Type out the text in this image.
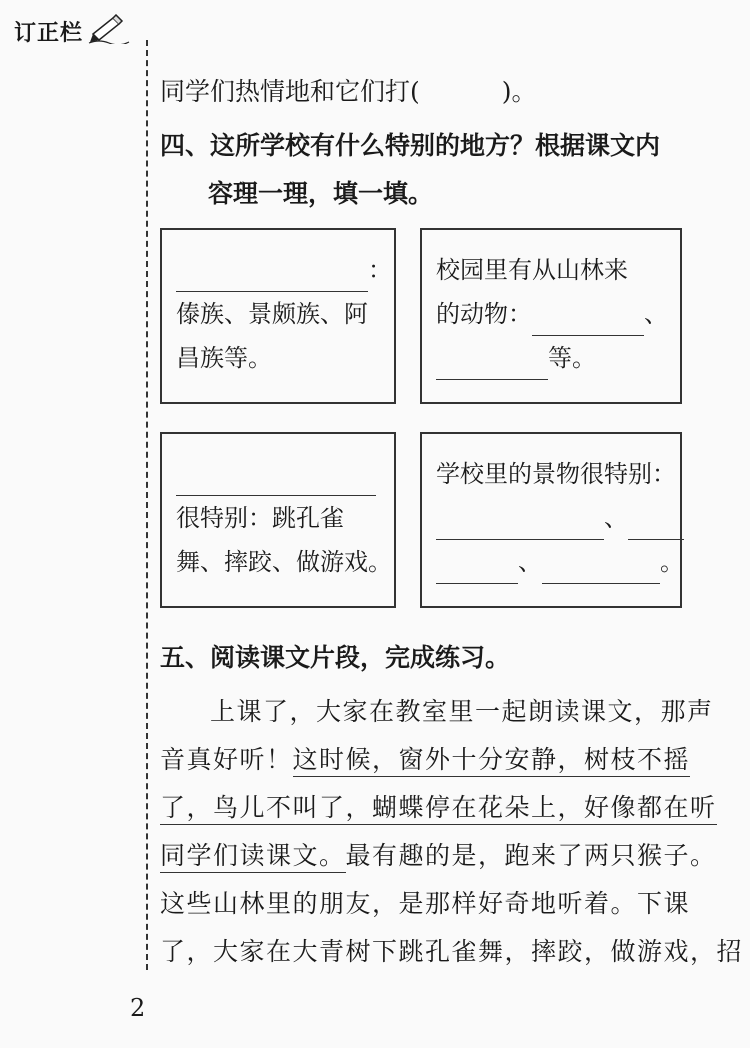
订正栏
同学们热情地和它们打(	)。
四、这所学校有什么特别的地方？根据课文内
容理一理，填一填。
：
傣族、景颇族、阿
昌族等。
校园里有从山林来
的动物：	、
等。
很特别：跳孔雀
舞、摔跤、做游戏。
学校里的景物很特别：
、
、	。
五、阅读课文片段，完成练习。
上课了，大家在教室里一起朗读课文，那声
音真好听！这时候，窗外十分安静，树枝不摇
了，鸟儿不叫了，蝴蝶停在花朵上，好像都在听
同学们读课文。最有趣的是，跑来了两只猴子。
这些山林里的朋友，是那样好奇地听着。下课
了，大家在大青树下跳孔雀舞，摔跤，做游戏，招
2
